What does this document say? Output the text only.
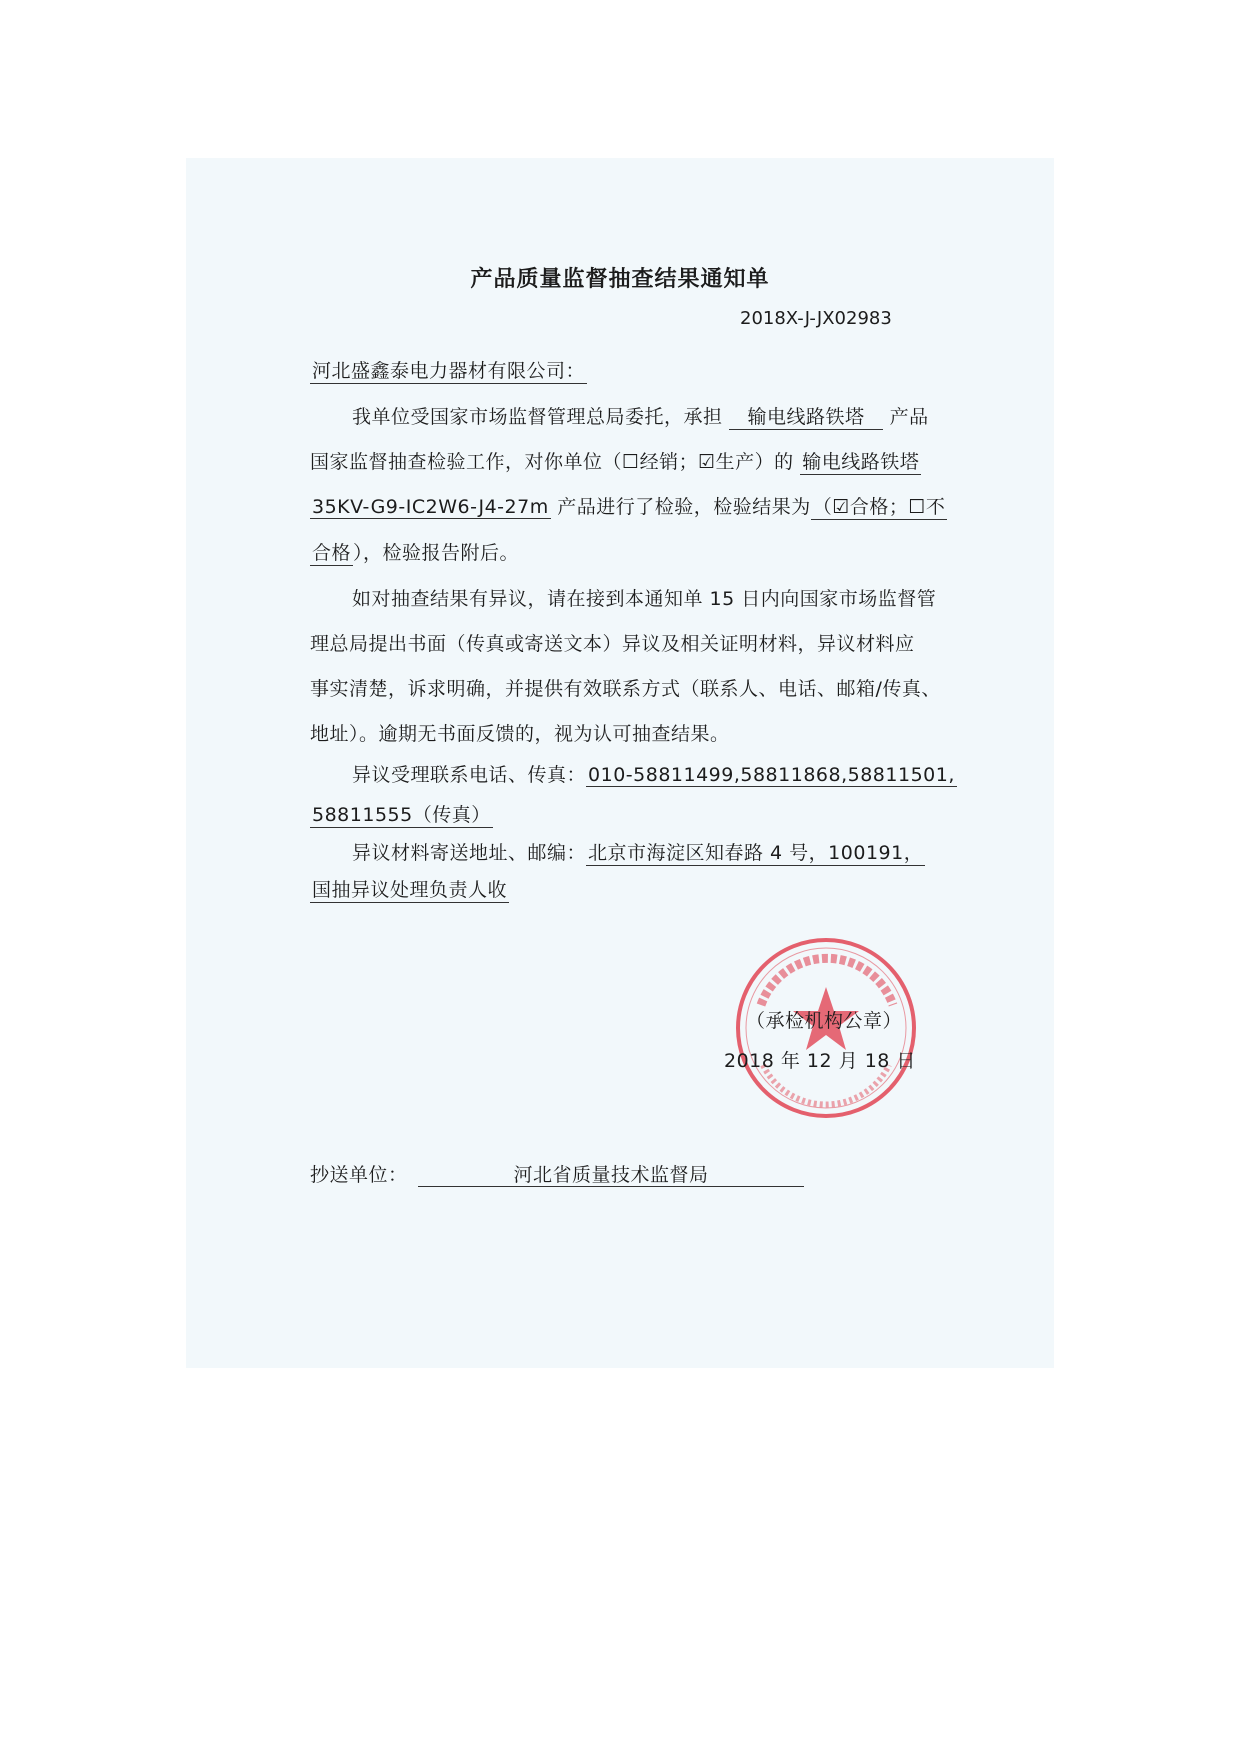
产品质量监督抽查结果通知单
2018X-J-JX02983
河北盛鑫泰电力器材有限公司：
我单位受国家市场监督管理总局委托，承担 输电线路铁塔 产品
国家监督抽查检验工作，对你单位（☐经销；☑生产）的 输电线路铁塔
35KV-G9-IC2W6-J4-27m 产品进行了检验，检验结果为 （☑合格；☐不
合格 ），检验报告附后。
如对抽查结果有异议，请在接到本通知单 15 日内向国家市场监督管
理总局提出书面（传真或寄送文本）异议及相关证明材料，异议材料应
事实清楚，诉求明确，并提供有效联系方式（联系人、电话、邮箱/传真、
地址）。逾期无书面反馈的，视为认可抽查结果。
异议受理联系电话、传真： 010-58811499,58811868,58811501,
58811555（传真）
异议材料寄送地址、邮编： 北京市海淀区知春路 4 号，100191，
国抽异议处理负责人收
（承检机构公章）
2018 年 12 月 18 日
抄送单位：	河北省质量技术监督局
